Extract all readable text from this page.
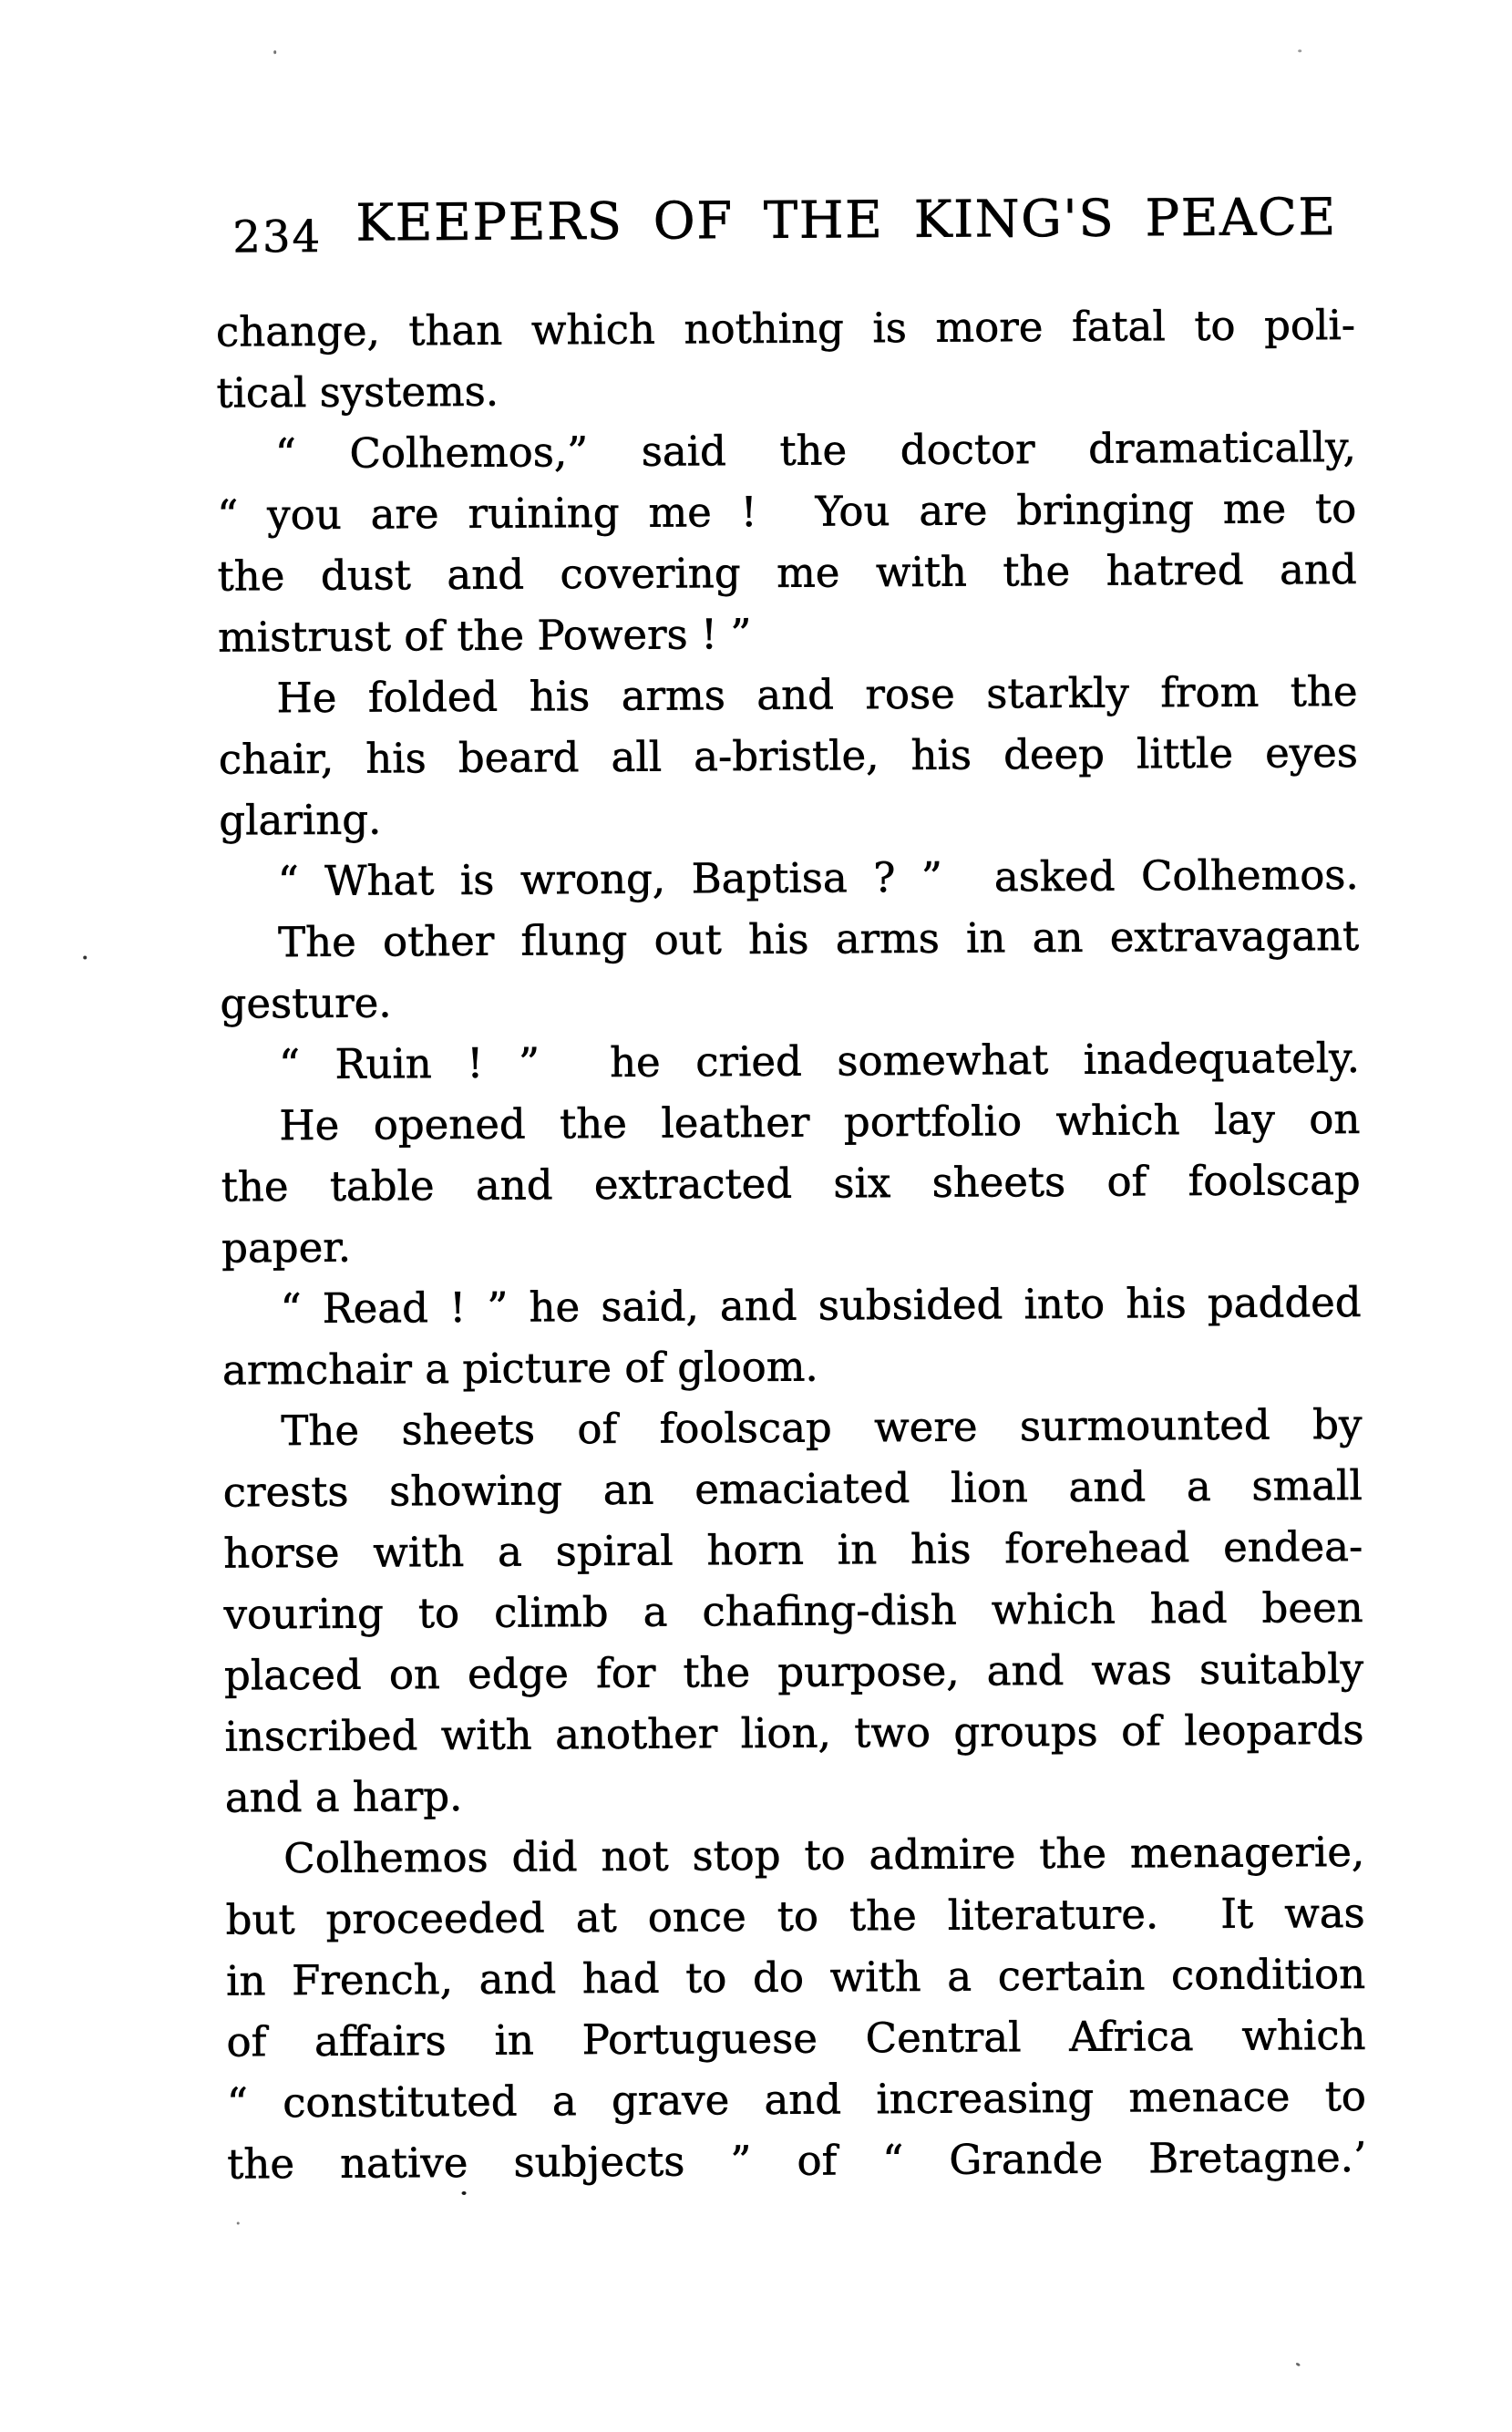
234 KEEPERS OF THE KING'S PEACE
change, than which nothing is more fatal to poli-
tical systems.
“ Colhemos,” said the doctor dramatically,
“ you are ruining me !  You are bringing me to
the dust and covering me with the hatred and
mistrust of the Powers ! ”
He folded his arms and rose starkly from the
chair, his beard all a-bristle, his deep little eyes
glaring.
“ What is wrong, Baptisa ? ”  asked Colhemos.
The other flung out his arms in an extravagant
gesture.
“ Ruin ! ”  he cried somewhat inadequately.
He opened the leather portfolio which lay on
the table and extracted six sheets of foolscap
paper.
“ Read ! ” he said, and subsided into his padded
armchair a picture of gloom.
The sheets of foolscap were surmounted by
crests showing an emaciated lion and a small
horse with a spiral horn in his forehead endea-
vouring to climb a chafing-dish which had been
placed on edge for the purpose, and was suitably
inscribed with another lion, two groups of leopards
and a harp.
Colhemos did not stop to admire the menagerie,
but proceeded at once to the literature.  It was
in French, and had to do with a certain condition
of affairs in Portuguese Central Africa which
“ constituted a grave and increasing menace to
the native subjects ” of “ Grande Bretagne.’
